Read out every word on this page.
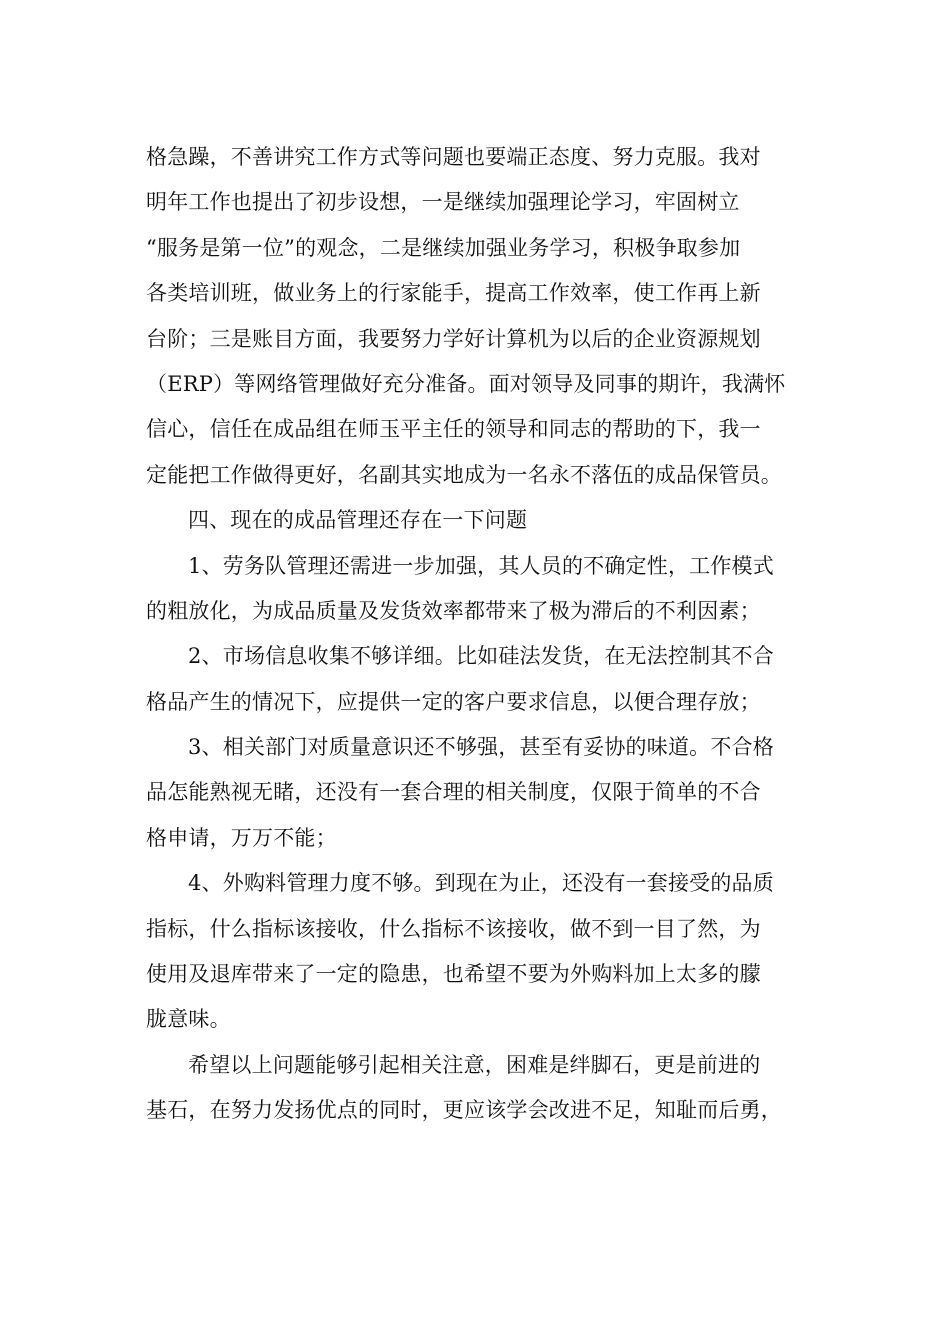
格急躁，不善讲究工作方式等问题也要端正态度、努力克服。我对
明年工作也提出了初步设想，一是继续加强理论学习，牢固树立
“服务是第一位”的观念，二是继续加强业务学习，积极争取参加
各类培训班，做业务上的行家能手，提高工作效率，使工作再上新
台阶；三是账目方面，我要努力学好计算机为以后的企业资源规划
（ERP）等网络管理做好充分准备。面对领导及同事的期许，我满怀
信心，信任在成品组在师玉平主任的领导和同志的帮助的下，我一
定能把工作做得更好，名副其实地成为一名永不落伍的成品保管员。
四、现在的成品管理还存在一下问题
1、劳务队管理还需进一步加强，其人员的不确定性，工作模式
的粗放化，为成品质量及发货效率都带来了极为滞后的不利因素；
2、市场信息收集不够详细。比如硅法发货，在无法控制其不合
格品产生的情况下，应提供一定的客户要求信息，以便合理存放；
3、相关部门对质量意识还不够强，甚至有妥协的味道。不合格
品怎能熟视无睹，还没有一套合理的相关制度，仅限于简单的不合
格申请，万万不能；
4、外购料管理力度不够。到现在为止，还没有一套接受的品质
指标，什么指标该接收，什么指标不该接收，做不到一目了然，为
使用及退库带来了一定的隐患，也希望不要为外购料加上太多的朦
胧意味。
希望以上问题能够引起相关注意，困难是绊脚石，更是前进的
基石，在努力发扬优点的同时，更应该学会改进不足，知耻而后勇，
